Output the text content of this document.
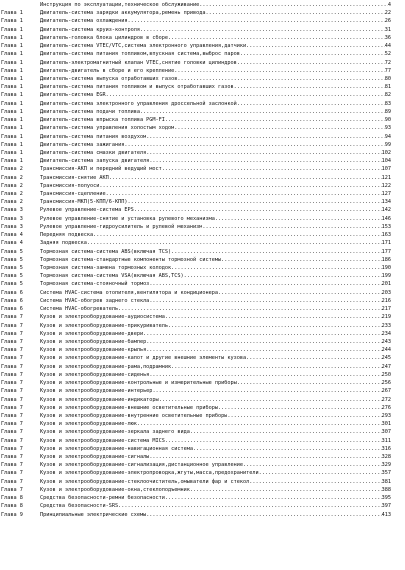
Инструкция по эксплуатации,техническое обслуживание .....	4
Глава 1	Двигатель-система зарядки аккумулятора,ремень привода .....	22
Глава 1	Двигатель-система охлаждения .....	26
Глава 1	Двигатель-система круиз-контроля .....	31
Глава 1	Двигатель-головка блока цилиндров в сборе .....	36
Глава 1	Двигатель-система VTEC/VTC,система электронного управления,датчики .....	44
Глава 1	Двигатель-система питания топливом,впускная система,выброс паров .....	52
Глава 1	Двигатель-электромагнитный клапан VTEC,снятие головки цилиндров .....	72
Глава 1	Двигатель-двигатель в сборе и его крепление .....	77
Глава 1	Двигатель-система выпуска отработавших газов .....	80
Глава 1	Двигатель-система питания топливом и выпуск отработавших газов .....	81
Глава 1	Двигатель-система EGR .....	82
Глава 1	Двигатель-система электронного управления дроссельной заслонкой .....	83
Глава 1	Двигатель-система подачи топлива .....	89
Глава 1	Двигатель-система впрыска топлива PGM-FI .....	90
Глава 1	Двигатель-система управления холостым ходом .....	93
Глава 1	Двигатель-система питания воздухом .....	94
Глава 1	Двигатель-система зажигания .....	99
Глава 1	Двигатель-система смазки двигателя .....	102
Глава 1	Двигатель-система запуска двигателя .....	104
Глава 2	Трансмиссия-АКП и передний ведущий мост .....	107
Глава 2	Трансмиссия-снятие АКП .....	121
Глава 2	Трансмиссия-полуоси .....	122
Глава 2	Трансмиссия-сцепление .....	127
Глава 2	Трансмиссия-МКП(5-КПП/6-КПП) .....	134
Глава 3	Рулевое управление-система EPS .....	142
Глава 3	Рулевое управление-снятие и установка рулевого механизма .....	146
Глава 3	Рулевое управление-гидроусилитель и рулевой механизм .....	153
Глава 4	Передняя подвеска .....	163
Глава 4	Задняя подвеска .....	171
Глава 5	Тормозная система-система ABS(включая TCS) .....	177
Глава 5	Тормозная система-стандартные компоненты тормозной системы .....	186
Глава 5	Тормозная система-замена тормозных колодок .....	190
Глава 5	Тормозная система-система VSA(включая ABS,TCS) .....	199
Глава 5	Тормозная система-стояночный тормоз .....	201
Глава 6	Система HVAC-система отопителя,вентилятора и кондиционера .....	203
Глава 6	Система HVAC-обогрев заднего стекла .....	216
Глава 6	Система HVAC-обогреватель .....	217
Глава 7	Кузов и электрооборудование-аудиосистема .....	219
Глава 7	Кузов и электрооборудование-прикуриватель .....	233
Глава 7	Кузов и электрооборудование-двери .....	234
Глава 7	Кузов и электрооборудование-бампер .....	243
Глава 7	Кузов и электрооборудование-крылья .....	244
Глава 7	Кузов и электрооборудование-капот и другие внешние элементы кузова .....	245
Глава 7	Кузов и электрооборудование-рама,подрамник .....	247
Глава 7	Кузов и электрооборудование-сиденья .....	250
Глава 7	Кузов и электрооборудование-контрольные и измерительные приборы .....	256
Глава 7	Кузов и электрооборудование-интерьер .....	267
Глава 7	Кузов и электрооборудование-индикаторы .....	272
Глава 7	Кузов и электрооборудование-внешние осветительные приборы .....	276
Глава 7	Кузов и электрооборудование-внутренние осветительные приборы .....	293
Глава 7	Кузов и электрооборудование-люк .....	301
Глава 7	Кузов и электрооборудование-зеркала заднего вида .....	307
Глава 7	Кузов и электрооборудование-система MICS .....	311
Глава 7	Кузов и электрооборудование-навигационная система .....	316
Глава 7	Кузов и электрооборудование-сигналы .....	328
Глава 7	Кузов и электрооборудование-сигнализация,дистанционное управление .....	329
Глава 7	Кузов и электрооборудование-электропроводка,жгуты,масса,предохранители .....	357
Глава 7	Кузов и электрооборудование-стеклоочиститель,омыватели фар и стекол .....	381
Глава 7	Кузов и электрооборудование-окна,стеклоподъемник .....	388
Глава 8	Средства безопасности-ремни безопасности .....	395
Глава 8	Средства безопасности-SRS .....	397
Глава 9	Принципиальные электрические схемы .....	413
